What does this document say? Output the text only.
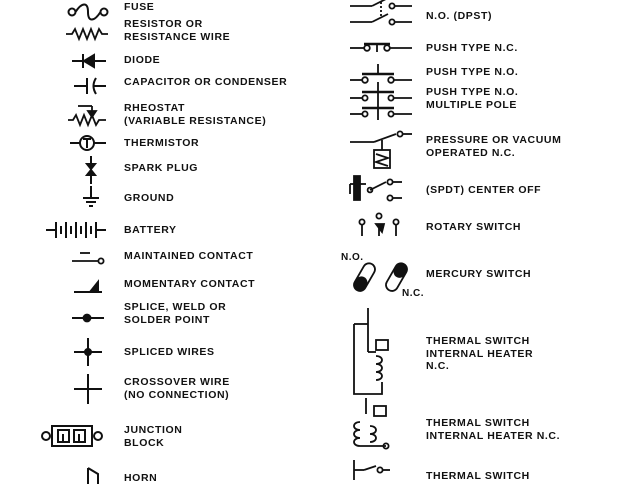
FUSE
RESISTOR OR
RESISTANCE WIRE
DIODE
CAPACITOR OR CONDENSER
RHEOSTAT
(VARIABLE RESISTANCE)
THERMISTOR
SPARK PLUG
GROUND
BATTERY
MAINTAINED CONTACT
MOMENTARY CONTACT
SPLICE, WELD OR
SOLDER POINT
SPLICED WIRES
CROSSOVER WIRE
(NO CONNECTION)
JUNCTION
BLOCK
HORN
N.O. (DPST)
PUSH TYPE N.C.
PUSH TYPE N.O.
PUSH TYPE N.O.
MULTIPLE POLE
PRESSURE OR VACUUM
OPERATED N.C.
(SPDT) CENTER OFF
ROTARY SWITCH
N.O.
N.C.
MERCURY SWITCH
THERMAL SWITCH
INTERNAL HEATER
N.C.
THERMAL SWITCH
INTERNAL HEATER N.C.
THERMAL SWITCH
